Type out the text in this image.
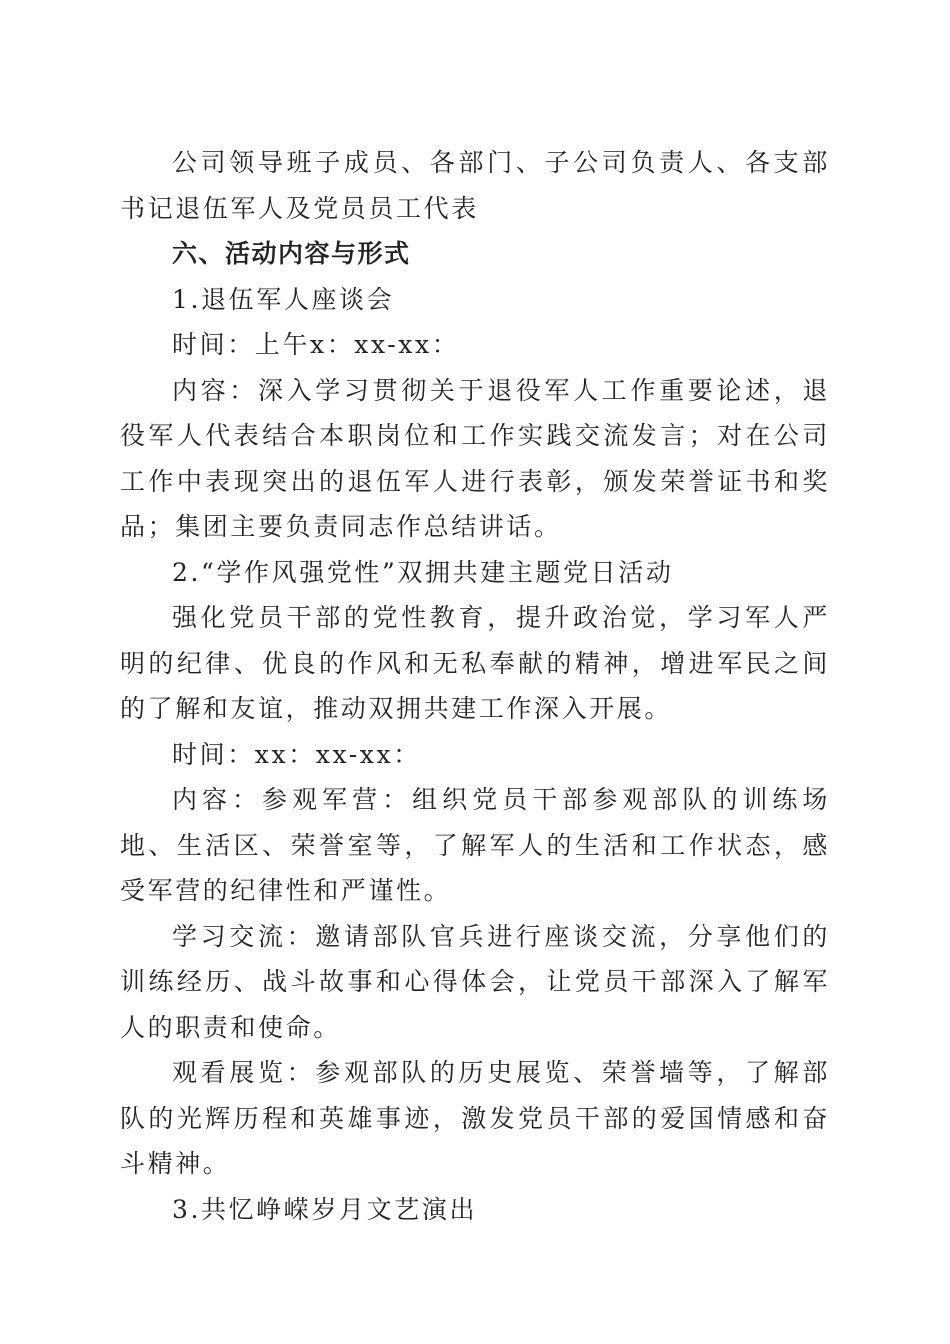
公司领导班子成员、各部门、子公司负责人、各支部书记退伍军人及党员员工代表

六、活动内容与形式

1.退伍军人座谈会

时间：上午x：xx-xx：

内容：深入学习贯彻关于退役军人工作重要论述，退役军人代表结合本职岗位和工作实践交流发言；对在公司工作中表现突出的退伍军人进行表彰，颁发荣誉证书和奖品；集团主要负责同志作总结讲话。

2.“学作风强党性”双拥共建主题党日活动

强化党员干部的党性教育，提升政治觉，学习军人严明的纪律、优良的作风和无私奉献的精神，增进军民之间的了解和友谊，推动双拥共建工作深入开展。

时间：xx：xx-xx：

内容：参观军营：组织党员干部参观部队的训练场地、生活区、荣誉室等，了解军人的生活和工作状态，感受军营的纪律性和严谨性。

学习交流：邀请部队官兵进行座谈交流，分享他们的训练经历、战斗故事和心得体会，让党员干部深入了解军人的职责和使命。

观看展览：参观部队的历史展览、荣誉墙等，了解部队的光辉历程和英雄事迹，激发党员干部的爱国情感和奋斗精神。

3.共忆峥嵘岁月文艺演出
